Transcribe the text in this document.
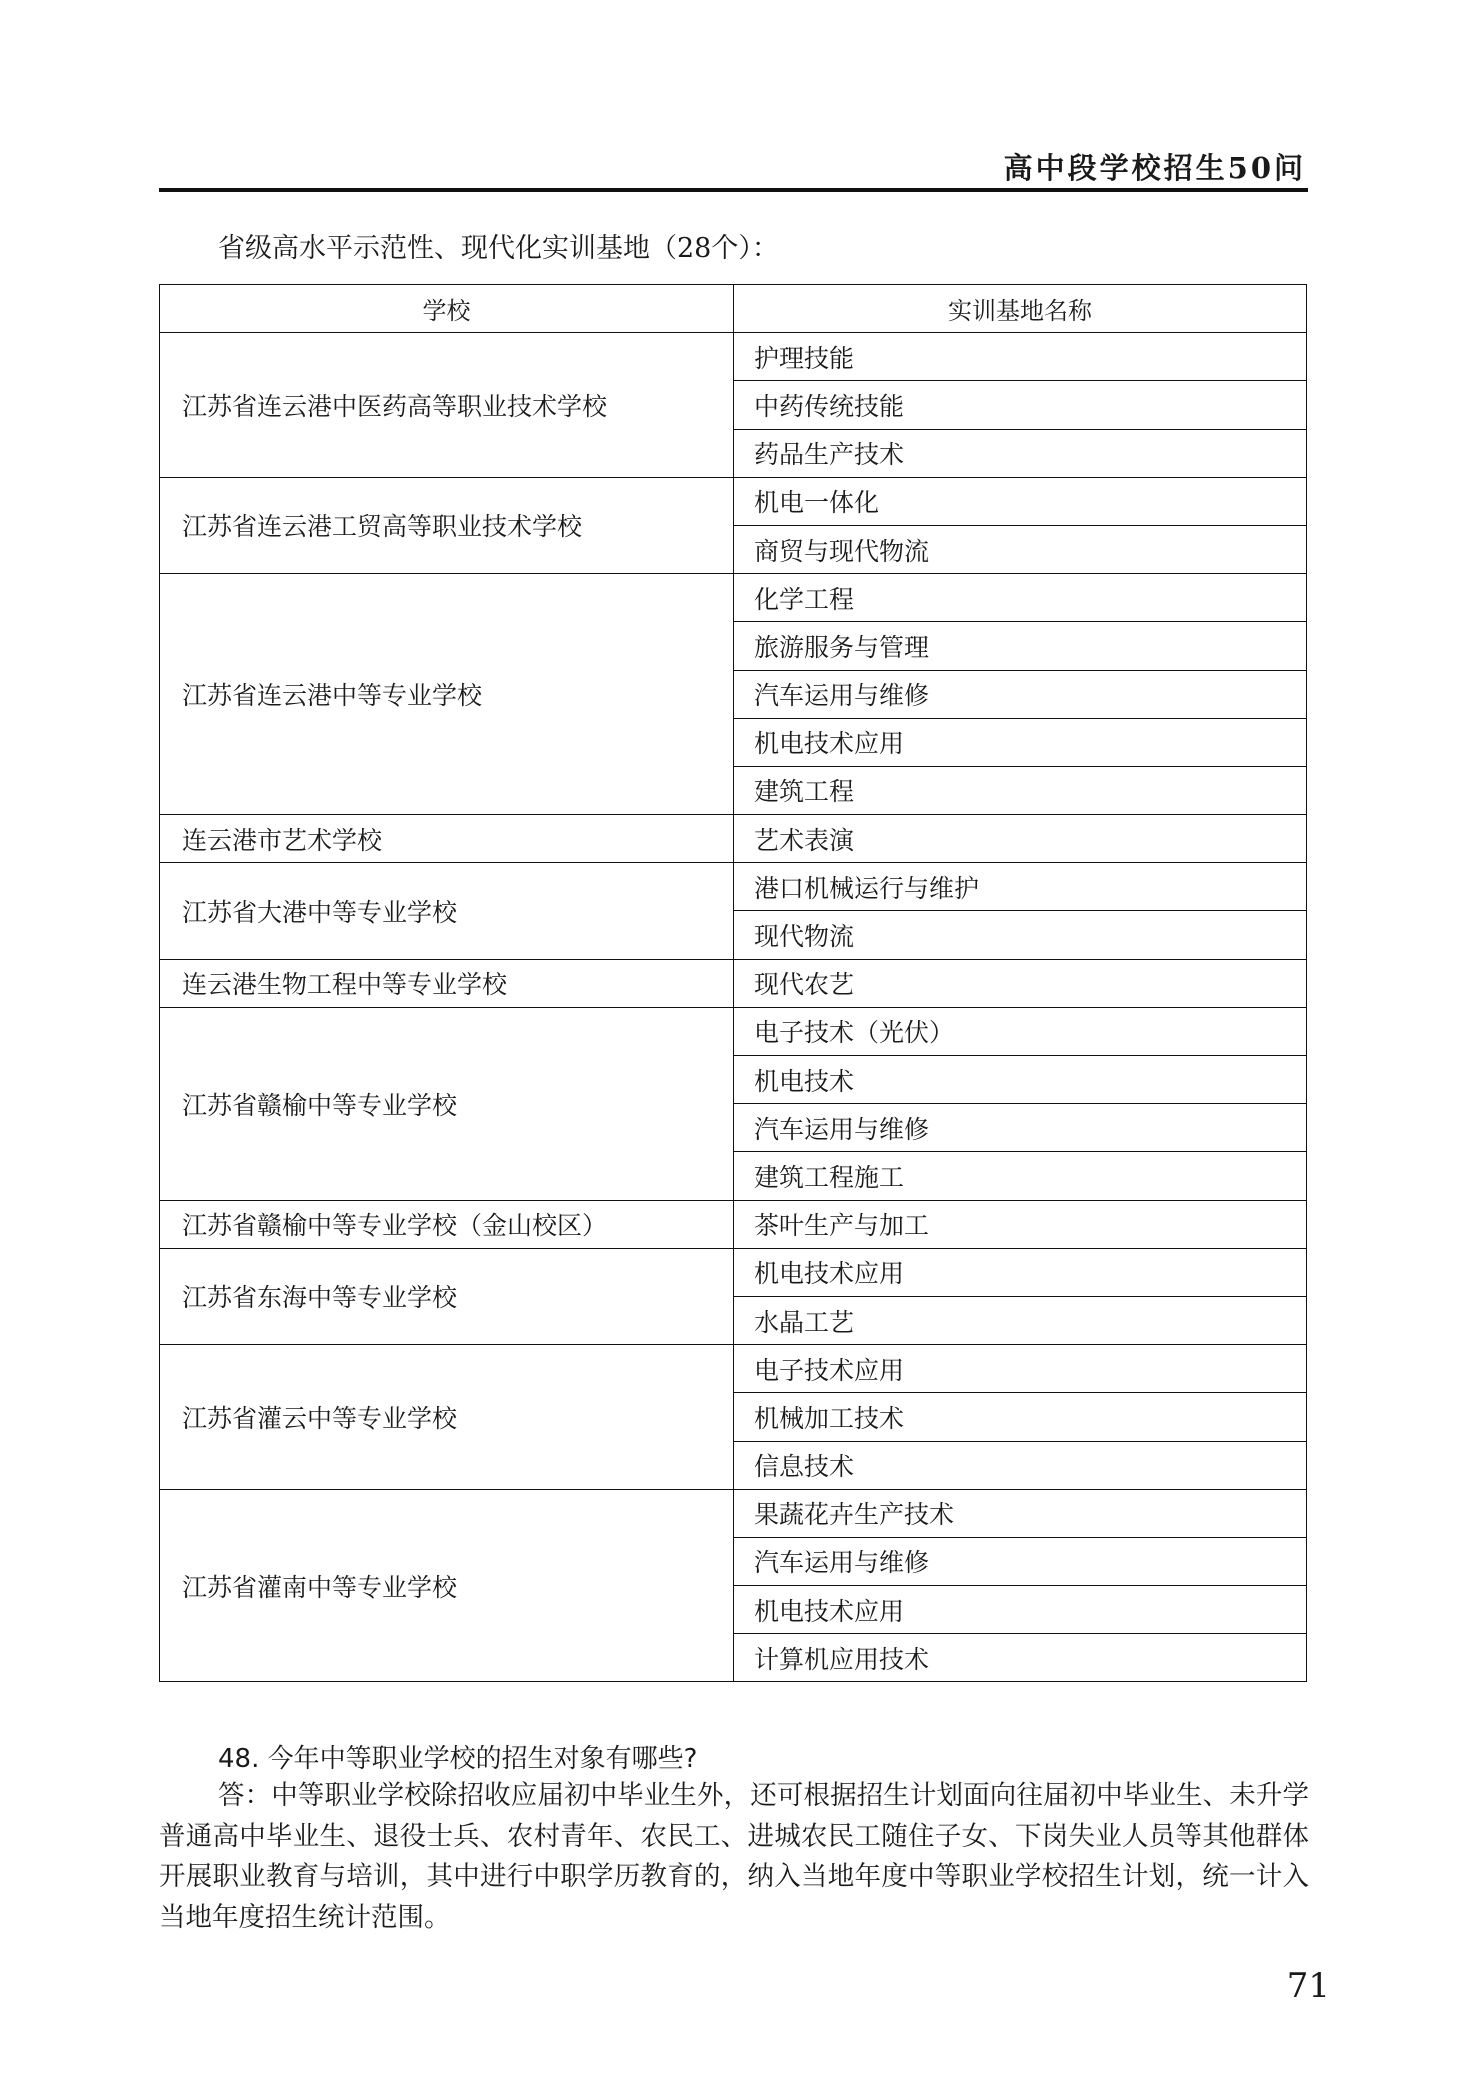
高中段学校招生50问
省级高水平示范性、现代化实训基地（28个）：
学校	实训基地名称
江苏省连云港中医药高等职业技术学校	护理技能
	中药传统技能
	药品生产技术
江苏省连云港工贸高等职业技术学校	机电一体化
	商贸与现代物流
江苏省连云港中等专业学校	化学工程
	旅游服务与管理
	汽车运用与维修
	机电技术应用
	建筑工程
连云港市艺术学校	艺术表演
江苏省大港中等专业学校	港口机械运行与维护
	现代物流
连云港生物工程中等专业学校	现代农艺
江苏省赣榆中等专业学校	电子技术（光伏）
	机电技术
	汽车运用与维修
	建筑工程施工
江苏省赣榆中等专业学校（金山校区）	茶叶生产与加工
江苏省东海中等专业学校	机电技术应用
	水晶工艺
江苏省灌云中等专业学校	电子技术应用
	机械加工技术
	信息技术
江苏省灌南中等专业学校	果蔬花卉生产技术
	汽车运用与维修
	机电技术应用
	计算机应用技术
48. 今年中等职业学校的招生对象有哪些?
答：中等职业学校除招收应届初中毕业生外，还可根据招生计划面向往届初中毕业生、未升学普通高中毕业生、退役士兵、农村青年、农民工、进城农民工随住子女、下岗失业人员等其他群体开展职业教育与培训，其中进行中职学历教育的，纳入当地年度中等职业学校招生计划，统一计入当地年度招生统计范围。
71
